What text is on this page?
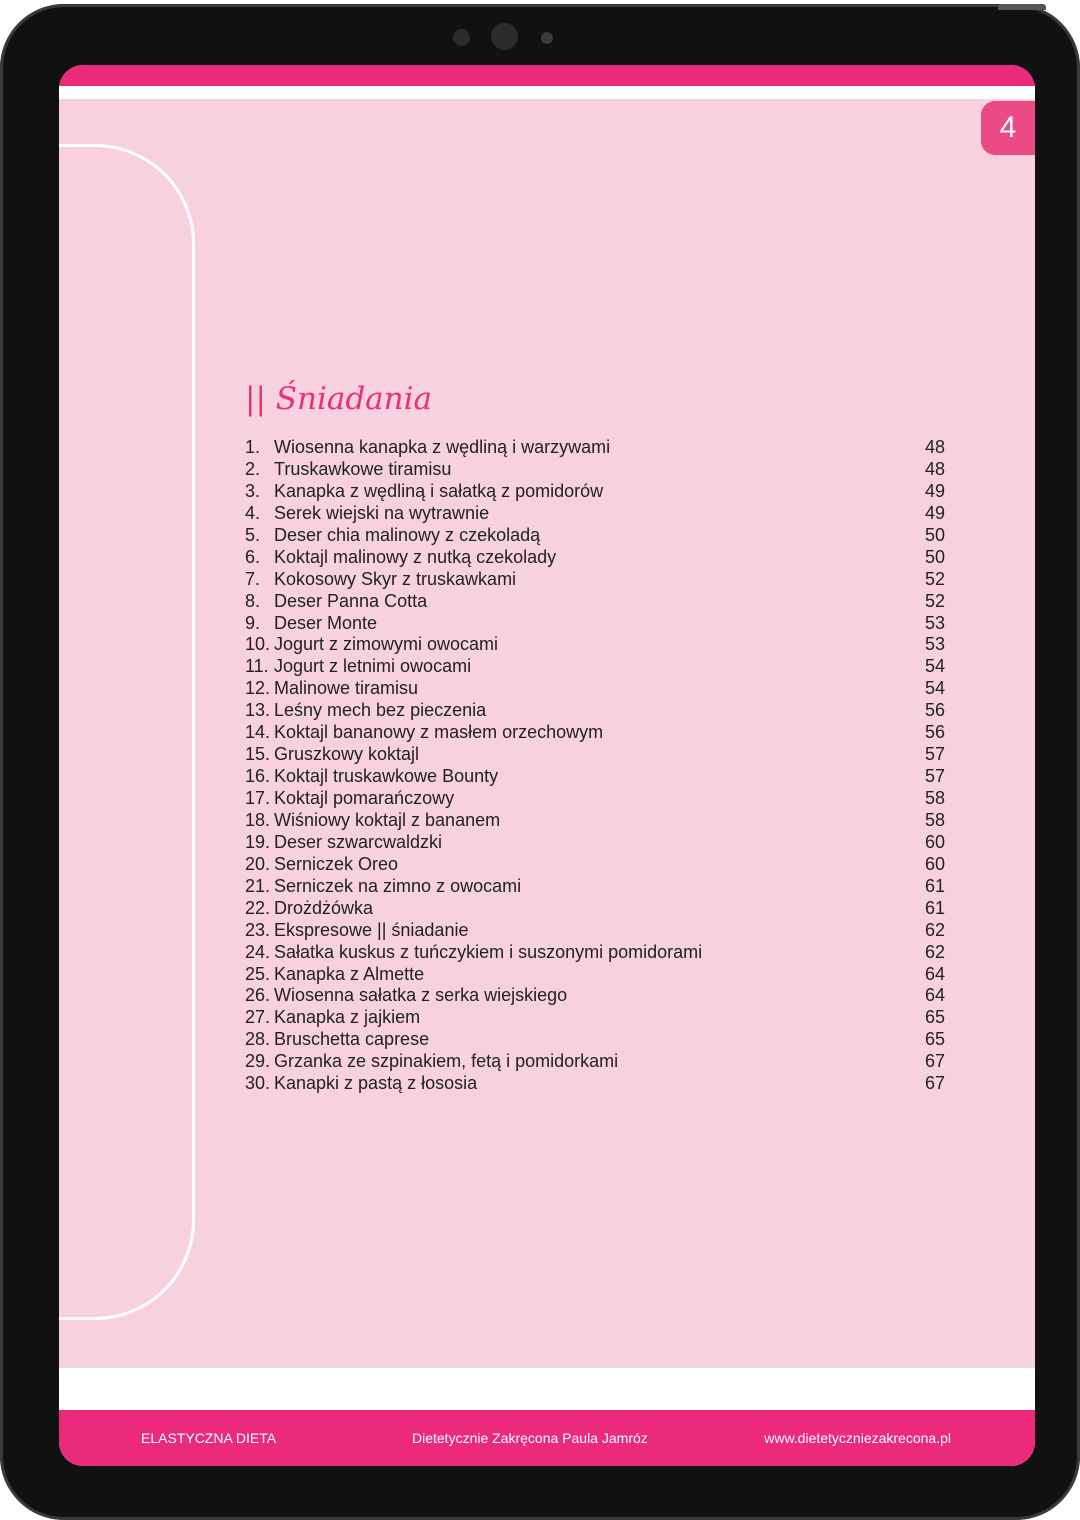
4
|| Śniadania
1. Wiosenna kanapka z wędliną i warzywami	48
2. Truskawkowe tiramisu	48
3. Kanapka z wędliną i sałatką z pomidorów	49
4. Serek wiejski na wytrawnie	49
5. Deser chia malinowy z czekoladą	50
6. Koktajl malinowy z nutką czekolady	50
7. Kokosowy Skyr z truskawkami	52
8. Deser Panna Cotta	52
9. Deser Monte	53
10. Jogurt z zimowymi owocami	53
11. Jogurt z letnimi owocami	54
12. Malinowe tiramisu	54
13. Leśny mech bez pieczenia	56
14. Koktajl bananowy z masłem orzechowym	56
15. Gruszkowy koktajl	57
16. Koktajl truskawkowe Bounty	57
17. Koktajl pomarańczowy	58
18. Wiśniowy koktajl z bananem	58
19. Deser szwarcwaldzki	60
20. Serniczek Oreo	60
21. Serniczek na zimno z owocami	61
22. Drożdżówka	61
23. Ekspresowe || śniadanie	62
24. Sałatka kuskus z tuńczykiem i suszonymi pomidorami	62
25. Kanapka z Almette	64
26. Wiosenna sałatka z serka wiejskiego	64
27. Kanapka z jajkiem	65
28. Bruschetta caprese	65
29. Grzanka ze szpinakiem, fetą i pomidorkami	67
30. Kanapki z pastą z łososia	67
ELASTYCZNA DIETA	Dietetycznie Zakręcona Paula Jamróz	www.dietetyczniezakrecona.pl
